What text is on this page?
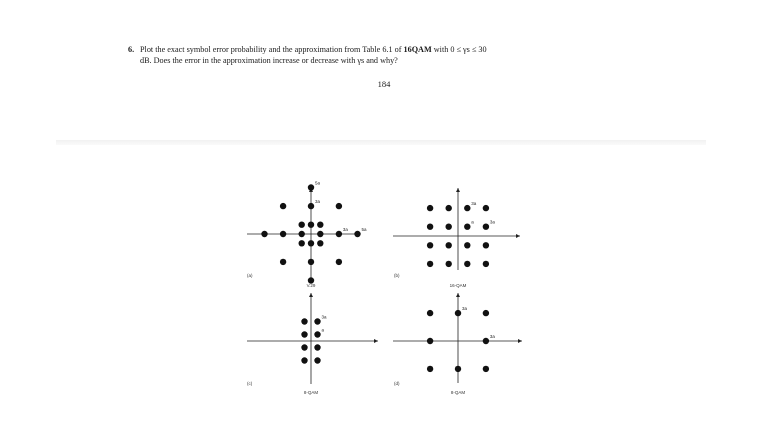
6. Plot the exact symbol error probability and the approximation from Table 6.1 of 16QAM with 0 ≤ γs ≤ 30
dB. Does the error in the approximation increase or decrease with γs and why?
184
5a
3a
3a	5a
(a)
V.29
3a
a	3a
(b)
16-QAM
3a
a
(c)
8-QAM
3a
3a
(d)
8-QAM
